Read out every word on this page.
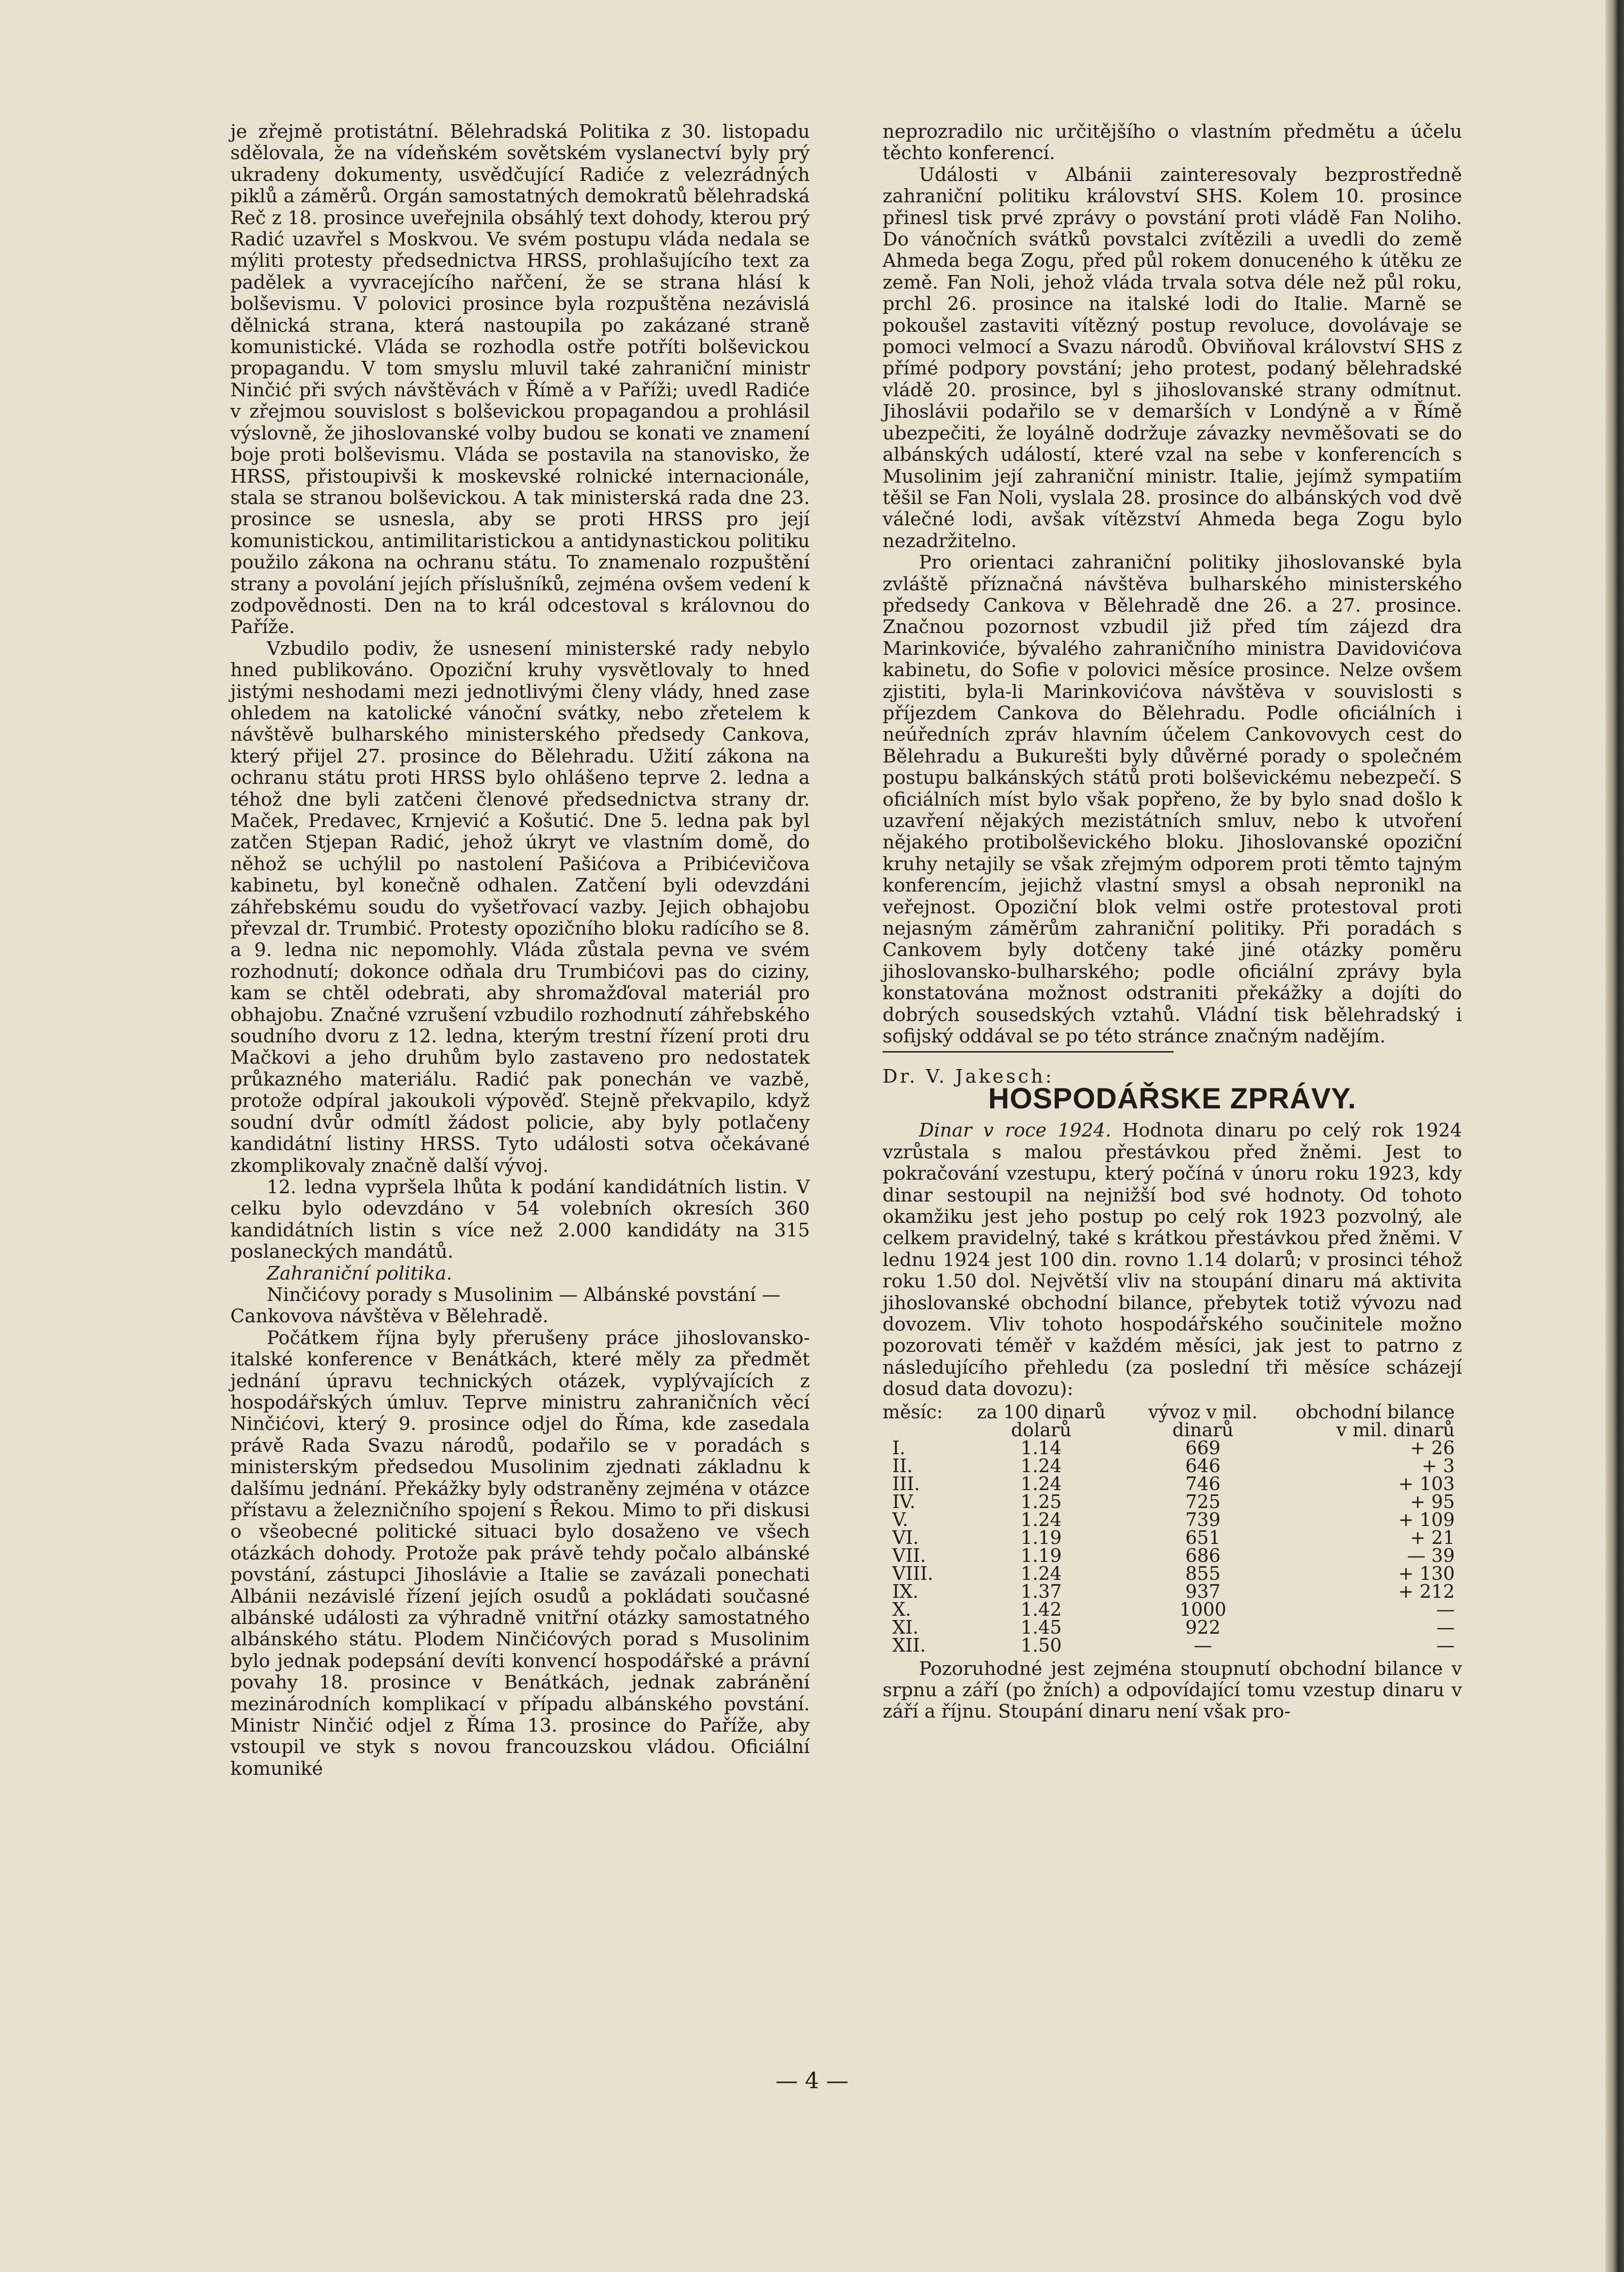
je zřejmě protistátní. Bělehradská Politika z 30. listopadu sdělovala, že na vídeňském sovětském vyslanectví byly prý ukradeny dokumenty, usvědčující Radiće z velezrádných piklů a záměrů. Orgán samostatných demokratů bělehradská Reč z 18. prosince uveřejnila obsáhlý text dohody, kterou prý Radić uzavřel s Moskvou. Ve svém postupu vláda nedala se mýliti protesty předsednictva HRSS, prohlašujícího text za padělek a vyvracejícího nařčení, že se strana hlásí k bolševismu. V polovici prosince byla rozpuštěna nezávislá dělnická strana, která nastoupila po zakázané straně komunistické. Vláda se rozhodla ostře potříti bolševickou propagandu. V tom smyslu mluvil také zahraniční ministr Ninčić při svých návštěvách v Římě a v Paříži; uvedl Radiće v zřejmou souvislost s bolševickou propagandou a prohlásil výslovně, že jihoslovanské volby budou se konati ve znamení boje proti bolševismu. Vláda se postavila na stanovisko, že HRSS, přistoupivši k moskevské rolnické internacionále, stala se stranou bolševickou. A tak ministerská rada dne 23. prosince se usnesla, aby se proti HRSS pro její komunistickou, antimilitaristickou a antidynastickou politiku použilo zákona na ochranu státu. To znamenalo rozpuštění strany a povolání jejích příslušníků, zejména ovšem vedení k zodpovědnosti. Den na to král odcestoval s královnou do Paříže.

Vzbudilo podiv, že usnesení ministerské rady nebylo hned publikováno. Opoziční kruhy vysvětlovaly to hned jistými neshodami mezi jednotlivými členy vlády, hned zase ohledem na katolické vánoční svátky, nebo zřetelem k návštěvě bulharského ministerského předsedy Cankova, který přijel 27. prosince do Bělehradu. Užití zákona na ochranu státu proti HRSS bylo ohlášeno teprve 2. ledna a téhož dne byli zatčeni členové předsednictva strany dr. Maček, Predavec, Krnjević a Košutić. Dne 5. ledna pak byl zatčen Stjepan Radić, jehož úkryt ve vlastním domě, do něhož se uchýlil po nastolení Pašićova a Pribićevičova kabinetu, byl konečně odhalen. Zatčení byli odevzdáni záhřebskému soudu do vyšetřovací vazby. Jejich obhajobu převzal dr. Trumbić. Protesty opozičního bloku radícího se 8. a 9. ledna nic nepomohly. Vláda zůstala pevna ve svém rozhodnutí; dokonce odňala dru Trumbićovi pas do ciziny, kam se chtěl odebrati, aby shromažďoval materiál pro obhajobu. Značné vzrušení vzbudilo rozhodnutí záhřebského soudního dvoru z 12. ledna, kterým trestní řízení proti dru Mačkovi a jeho druhům bylo zastaveno pro nedostatek průkazného materiálu. Radić pak ponechán ve vazbě, protože odpíral jakoukoli výpověď. Stejně překvapilo, když soudní dvůr odmítl žádost policie, aby byly potlačeny kandidátní listiny HRSS. Tyto události sotva očekávané zkomplikovaly značně další vývoj.

12. ledna vypršela lhůta k podání kandidátních listin. V celku bylo odevzdáno v 54 volebních okresích 360 kandidátních listin s více než 2.000 kandidáty na 315 poslaneckých mandátů.

Zahraniční politika.

Ninčićovy porady s Musolinim — Albánské povstání —
Cankovova návštěva v Bělehradě.

Počátkem října byly přerušeny práce jihoslovansko-italské konference v Benátkách, které měly za předmět jednání úpravu technických otázek, vyplývajících z hospodářských úmluv. Teprve ministru zahraničních věcí Ninčićovi, který 9. prosince odjel do Říma, kde zasedala právě Rada Svazu národů, podařilo se v poradách s ministerským předsedou Musolinim zjednati základnu k dalšímu jednání. Překážky byly odstraněny zejména v otázce přístavu a železničního spojení s Řekou. Mimo to při diskusi o všeobecné politické situaci bylo dosaženo ve všech otázkách dohody. Protože pak právě tehdy počalo albánské povstání, zástupci Jihoslávie a Italie se zavázali ponechati Albánii nezávislé řízení jejích osudů a pokládati současné albánské události za výhradně vnitřní otázky samostatného albánského státu. Plodem Ninčićových porad s Musolinim bylo jednak podepsání devíti konvencí hospodářské a právní povahy 18. prosince v Benátkách, jednak zabránění mezinárodních komplikací v případu albánského povstání. Ministr Ninčić odjel z Říma 13. prosince do Paříže, aby vstoupil ve styk s novou francouzskou vládou. Oficiální komuniké

neprozradilo nic určitějšího o vlastním předmětu a účelu těchto konferencí.

Události v Albánii zainteresovaly bezprostředně zahraniční politiku království SHS. Kolem 10. prosince přinesl tisk prvé zprávy o povstání proti vládě Fan Noliho. Do vánočních svátků povstalci zvítězili a uvedli do země Ahmeda bega Zogu, před půl rokem donuceného k útěku ze země. Fan Noli, jehož vláda trvala sotva déle než půl roku, prchl 26. prosince na italské lodi do Italie. Marně se pokoušel zastaviti vítězný postup revoluce, dovolávaje se pomoci velmocí a Svazu národů. Obviňoval království SHS z přímé podpory povstání; jeho protest, podaný bělehradské vládě 20. prosince, byl s jihoslovanské strany odmítnut. Jihoslávii podařilo se v demarších v Londýně a v Římě ubezpečiti, že loyálně dodržuje závazky nevměšovati se do albánských událostí, které vzal na sebe v konferencích s Musolinim její zahraniční ministr. Italie, jejímž sympatiím těšil se Fan Noli, vyslala 28. prosince do albánských vod dvě válečné lodi, avšak vítězství Ahmeda bega Zogu bylo nezadržitelno.

Pro orientaci zahraniční politiky jihoslovanské byla zvláště příznačná návštěva bulharského ministerského předsedy Cankova v Bělehradě dne 26. a 27. prosince. Značnou pozornost vzbudil již před tím zájezd dra Marinkoviće, bývalého zahraničního ministra Davidovićova kabinetu, do Sofie v polovici měsíce prosince. Nelze ovšem zjistiti, byla-li Marinkovićova návštěva v souvislosti s příjezdem Cankova do Bělehradu. Podle oficiálních i neúředních zpráv hlavním účelem Cankovovych cest do Bělehradu a Bukurešti byly důvěrné porady o společném postupu balkánských států proti bolševickému nebezpečí. S oficiálních míst bylo však popřeno, že by bylo snad došlo k uzavření nějakých mezistátních smluv, nebo k utvoření nějakého protibolševického bloku. Jihoslovanské opoziční kruhy netajily se však zřejmým odporem proti těmto tajným konferencím, jejichž vlastní smysl a obsah nepronikl na veřejnost. Opoziční blok velmi ostře protestoval proti nejasným záměrům zahraniční politiky. Při poradách s Cankovem byly dotčeny také jiné otázky poměru jihoslovansko-bulharského; podle oficiální zprávy byla konstatována možnost odstraniti překážky a dojíti do dobrých sousedských vztahů. Vládní tisk bělehradský i sofijský oddával se po této stránce značným nadějím.

Dr. V. Jakesch:

HOSPODÁŘSKE ZPRÁVY.

Dinar v roce 1924. Hodnota dinaru po celý rok 1924 vzrůstala s malou přestávkou před žněmi. Jest to pokračování vzestupu, který počíná v únoru roku 1923, kdy dinar sestoupil na nejnižší bod své hodnoty. Od tohoto okamžiku jest jeho postup po celý rok 1923 pozvolný, ale celkem pravidelný, také s krátkou přestávkou před žněmi. V lednu 1924 jest 100 din. rovno 1.14 dolarů; v prosinci téhož roku 1.50 dol. Největší vliv na stoupání dinaru má aktivita jihoslovanské obchodní bilance, přebytek totiž vývozu nad dovozem. Vliv tohoto hospodářského součinitele možno pozorovati téměř v každém měsíci, jak jest to patrno z následujícího přehledu (za poslední tři měsíce scházejí dosud data dovozu):

měsíc:	za 100 dinarů dolarů	vývoz v mil. dinarů	obchodní bilance v mil. dinarů
I.	1.14	669	+ 26
II.	1.24	646	+ 3
III.	1.24	746	+ 103
IV.	1.25	725	+ 95
V.	1.24	739	+ 109
VI.	1.19	651	+ 21
VII.	1.19	686	— 39
VIII.	1.24	855	+ 130
IX.	1.37	937	+ 212
X.	1.42	1000	—
XI.	1.45	922	—
XII.	1.50	—	—

Pozoruhodné jest zejména stoupnutí obchodní bilance v srpnu a září (po žních) a odpovídající tomu vzestup dinaru v září a říjnu. Stoupání dinaru není však pro-

— 4 —
